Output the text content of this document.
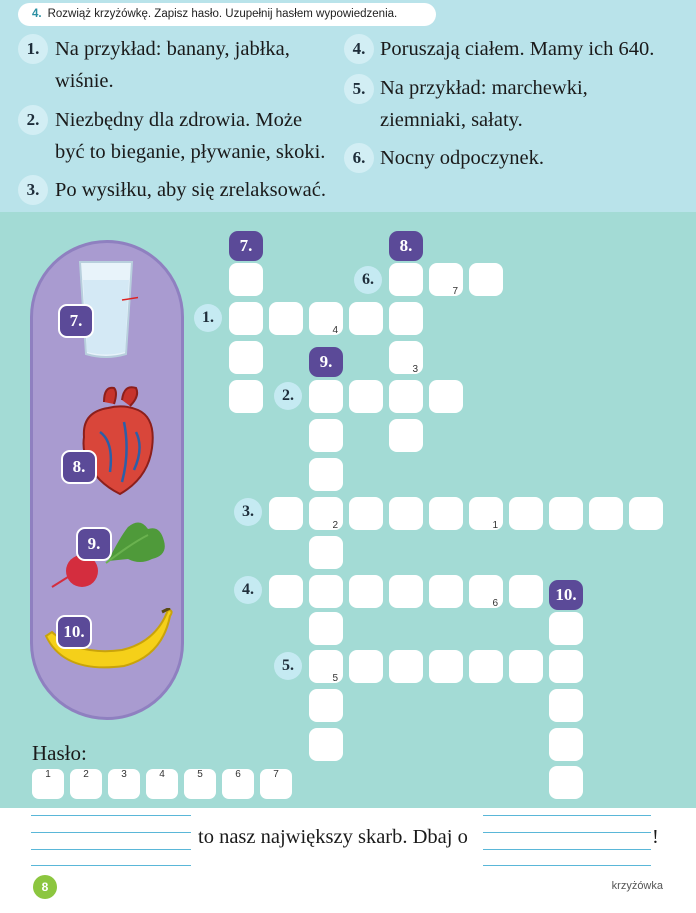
4. Rozwiąż krzyżówkę. Zapisz hasło. Uzupełnij hasłem wypowiedzenia.
1. Na przykład: banany, jabłka,
wiśnie.
2. Niezbędny dla zdrowia. Może
być to bieganie, pływanie, skoki.
3. Po wysiłku, aby się zrelaksować.
4. Poruszają ciałem. Mamy ich 640.
5. Na przykład: marchewki,
ziemniaki, sałaty.
6. Nocny odpoczynek.
7.
8.
9.
10.
7.	8.
9.
10.
6.
1.
2.
3.
4.
5.
7
4
3
2	1
6
5
Hasło:
1	2	3	4	5	6	7
to nasz największy skarb. Dbaj o	!
8	krzyżówka
